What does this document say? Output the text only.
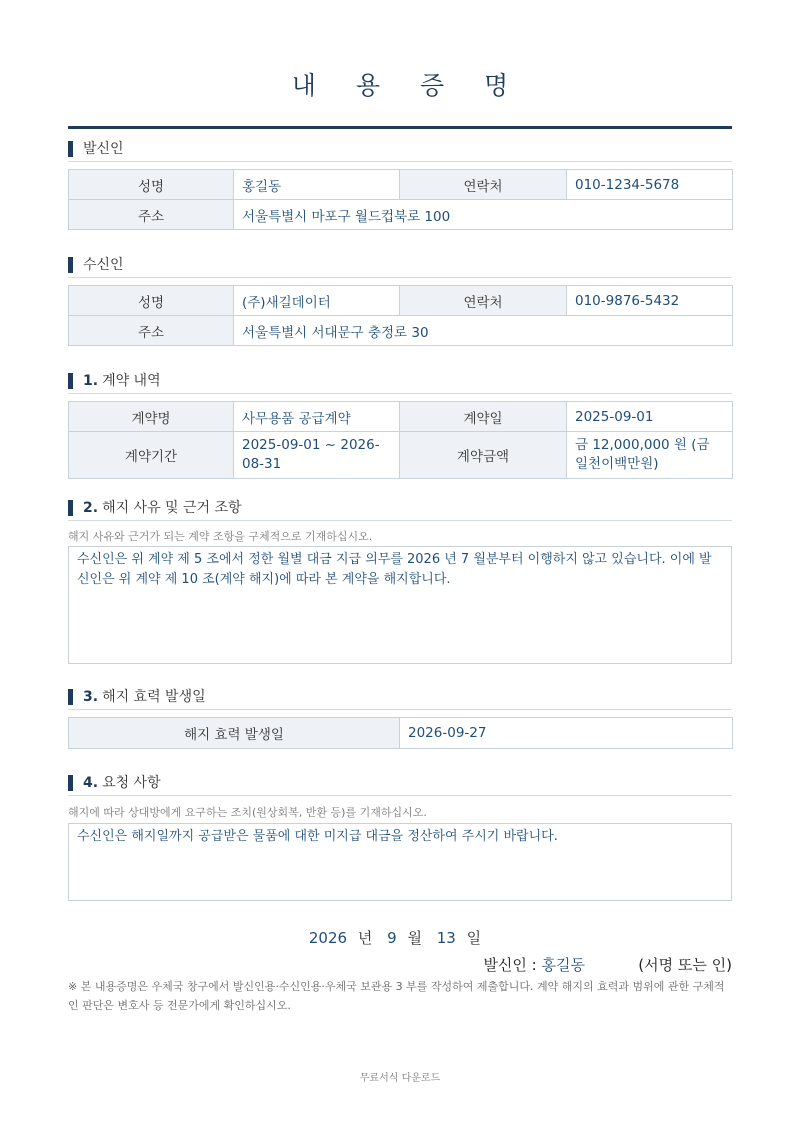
내 용 증 명
발신인
성명	홍길동	연락처	010-1234-5678
주소	서울특별시 마포구 월드컵북로 100		
수신인
성명	(주)새길데이터	연락처	010-9876-5432
주소	서울특별시 서대문구 충정로 30		
1. 계약 내역
계약명	사무용품 공급계약	계약일	2025-09-01
계약기간	2025-09-01 ~ 2026-08-31	계약금액	금 12,000,000 원 (금 일천이백만원)
2. 해지 사유 및 근거 조항
해지 사유와 근거가 되는 계약 조항을 구체적으로 기재하십시오.
수신인은 위 계약 제 5 조에서 정한 월별 대금 지급 의무를 2026 년 7 월분부터 이행하지 않고 있습니다. 이에 발신인은 위 계약 제 10 조(계약 해지)에 따라 본 계약을 해지합니다.
3. 해지 효력 발생일
해지 효력 발생일	2026-09-27
4. 요청 사항
해지에 따라 상대방에게 요구하는 조치(원상회복, 반환 등)를 기재하십시오.
수신인은 해지일까지 공급받은 물품에 대한 미지급 대금을 정산하여 주시기 바랍니다.
2026 년 9 월 13 일
발신인 : 홍길동	(서명 또는 인)
※ 본 내용증명은 우체국 창구에서 발신인용·수신인용·우체국 보관용 3 부를 작성하여 제출합니다. 계약 해지의 효력과 범위에 관한 구체적인 판단은 변호사 등 전문가에게 확인하십시오.
무료서식 다운로드
